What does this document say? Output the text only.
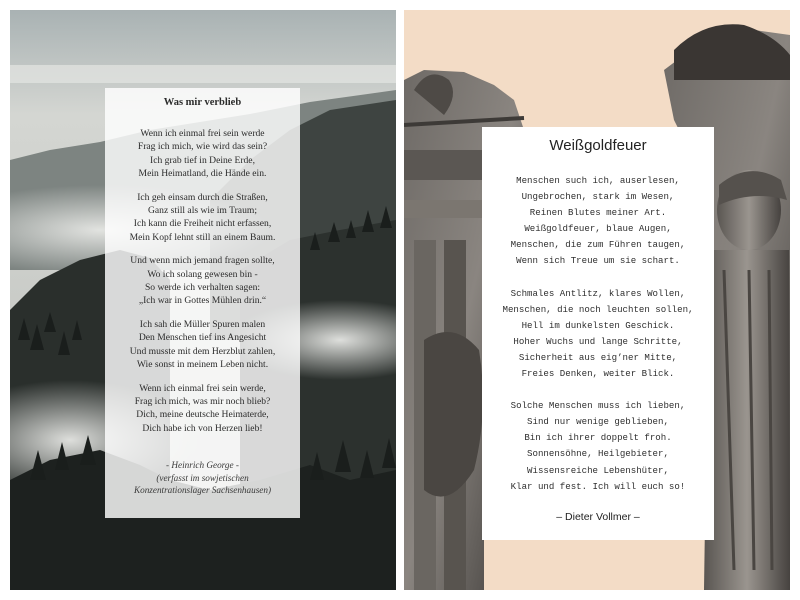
Was mir verblieb
Wenn ich einmal frei sein werde
Frag ich mich, wie wird das sein?
Ich grab tief in Deine Erde,
Mein Heimatland, die Hände ein.
Ich geh einsam durch die Straßen,
Ganz still als wie im Traum;
Ich kann die Freiheit nicht erfassen,
Mein Kopf lehnt still an einem Baum.
Und wenn mich jemand fragen sollte,
Wo ich solang gewesen bin -
So werde ich verhalten sagen:
„Ich war in Gottes Mühlen drin.“
Ich sah die Müller Spuren malen
Den Menschen tief ins Angesicht
Und musste mit dem Herzblut zahlen,
Wie sonst in meinem Leben nicht.
Wenn ich einmal frei sein werde,
Frag ich mich, was mir noch blieb?
Dich, meine deutsche Heimaterde,
Dich habe ich von Herzen lieb!
- Heinrich George -
(verfasst im sowjetischen
Konzentrationslager Sachsenhausen)
Weißgoldfeuer
Menschen such ich, auserlesen,
Ungebrochen, stark im Wesen,
Reinen Blutes meiner Art.
Weißgoldfeuer, blaue Augen,
Menschen, die zum Führen taugen,
Wenn sich Treue um sie schart.
Schmales Antlitz, klares Wollen,
Menschen, die noch leuchten sollen,
Hell im dunkelsten Geschick.
Hoher Wuchs und lange Schritte,
Sicherheit aus eig’ner Mitte,
Freies Denken, weiter Blick.
Solche Menschen muss ich lieben,
Sind nur wenige geblieben,
Bin ich ihrer doppelt froh.
Sonnensöhne, Heilgebieter,
Wissensreiche Lebenshüter,
Klar und fest. Ich will euch so!
– Dieter Vollmer –
